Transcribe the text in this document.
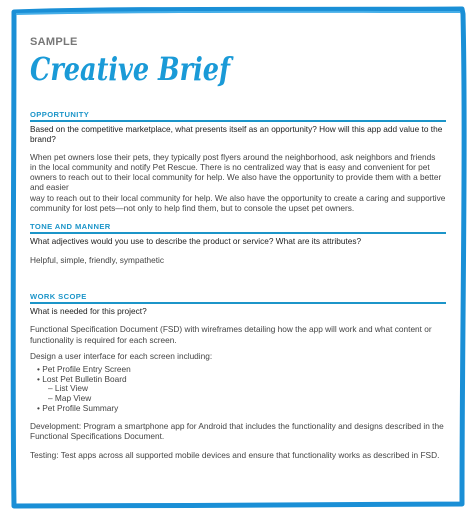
SAMPLE
Creative Brief
OPPORTUNITY
Based on the competitive marketplace, what presents itself as an opportunity? How will this app add value to the
brand?
When pet owners lose their pets, they typically post flyers around the neighborhood, ask neighbors and friends
in the local community and notify Pet Rescue. There is no centralized way that is easy and convenient for pet
owners to reach out to their local community for help. We also have the opportunity to provide them with a better and easier
way to reach out to their local community for help. We also have the opportunity to create a caring and supportive
community for lost pets—not only to help find them, but to console the upset pet owners.
TONE AND MANNER
What adjectives would you use to describe the product or service? What are its attributes?
Helpful, simple, friendly, sympathetic
WORK SCOPE
What is needed for this project?
Functional Specification Document (FSD) with wireframes detailing how the app will work and what content or
functionality is required for each screen.
Design a user interface for each screen including:
• Pet Profile Entry Screen
• Lost Pet Bulletin Board
– List View
– Map View
• Pet Profile Summary
Development: Program a smartphone app for Android that includes the functionality and designs described in the
Functional Specifications Document.
Testing: Test apps across all supported mobile devices and ensure that functionality works as described in FSD.
